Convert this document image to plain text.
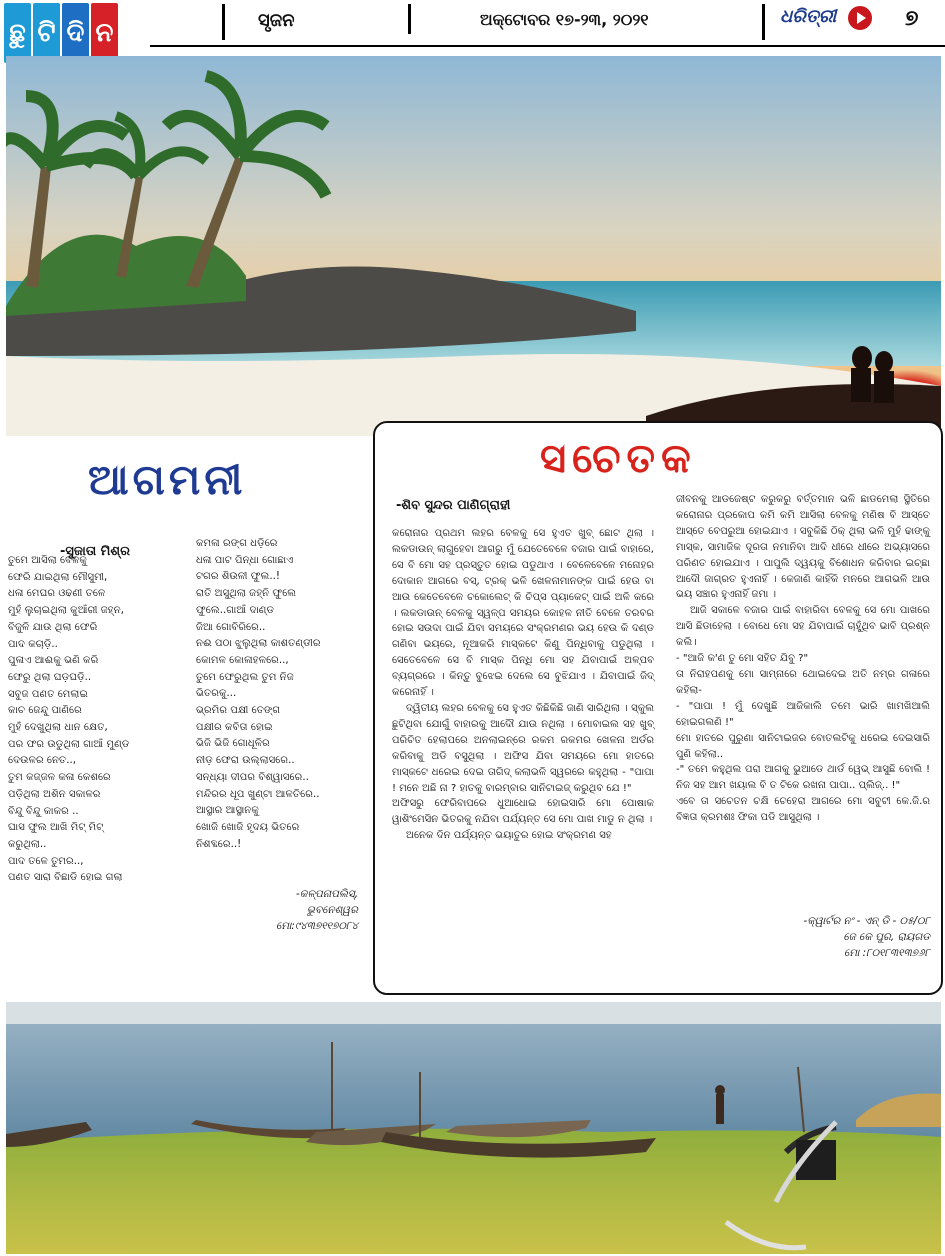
ଛୁ ଟି ଦି ନ	ସୃଜନ	ଅକ୍ଟୋବର ୧୭-୨୩, ୨୦୨୧	ଧରିତ୍ରୀ	୭
ଆଗମନୀ
-ସୁଜାତା ମିଶ୍ର
ତୁମେ ଆସିଲା ବେଳକୁ
ଫେରି ଯାଇଥିଲା ମୌସୁମୀ,
ଧଳା ମେଘର ଓଢଣୀ ତଳେ
ମୁହଁ ଲୁଚାଇଥିଲା କୁଆଁରୀ ଜହ୍ନ,
ବିଜୁଳି ଯାଉ ଥିଲା ଫେରି
ପାଦ କଚାଡ଼ି..
ପୁଳାଏ ଆଈକୁ ଭଣି କରି
ଫେରୁ ଥିଲା ଘଡ଼ଘଡ଼ି..
ସବୁଜ ପଣତ ମେଲାଇ
କାଚ ଜେନ୍ଦୁ ପାଣିରେ
ମୁହଁ ଦେଖୁଥିଲା ଧାନ କ୍ଷେତ,
ପର ଫର ଉଡୁଥିଲା ଗାଆଁ ମୁଣ୍ଡ
ଦେଉଳର ନେତ..,
ତୁମ କଜ୍ଜଳ କଳା କେଶରେ
ପଡ଼ିଥିଲା ଅଶିନ ସକାଳର
ବିନ୍ଦୁ ବିନ୍ଦୁ କାକର ..
ଘାସ ଫୁଲ ଆଖି ମିଟ୍ ମିଟ୍
କରୁଥିଲା..
ପାଦ ତଳେ ତୁମର..,
ପଣତ ସାରା ବିଛାଡି ହୋଇ ଗଲା
କମଳା ରଙ୍ଗ ଧଡ଼ିରେ
ଧଳା ପାଟ ପିନ୍ଧା ଗୋଛାଏ
ଟଗର ଶିଉଳୀ ଫୁଲ..!
ରାତି ଅସୁଥିଲା ଜହ୍ନି ଫୁଲେ
ଫୁଲେ..ଗାଆଁ ଦାଣ୍ଡ
ଜିଆ ଗୋବିରିରେ..
ନଈ ପଠା ଝୁଲୁଥିଲା କାଶତଣ୍ଡୀର
କୋମଳ କୋଳାହଳରେ..,
ତୁମେ ଫେରୁଥିଲ ତୁମ ନିଜ
ଭିତରକୁ...
ଭ୍ରମିର ପକ୍ଷୀ ତେଙ୍ଗ
ପକ୍ଷୀର କବିତା ହୋଇ
ଭିଜି ଭିଜି ଗୋଧୂଳିର
ନୀଡ଼ ଫେରା ଉଲ୍ଲାସରେ..
ସନ୍ଧ୍ୟା ଦୀପର ବିଶ୍ୱାସରେ..
ମନ୍ଦିରର ଧୂପ ଖୁଣ୍ଟା ଆଳତିରେ..
ଆସ୍ଥାର ଆସ୍ଥାନକୁ
ଖୋଜି ଖୋଜି ହୃଦୟ ଭିତରେ
ନିଶବ୍ଦରେ..!
-କଳ୍ପନାପଲିସ୍,
ଭୁବନେଶ୍ୱର
ମୋ:୯୪୩୭୧୧୭୦୮୪
ସଚେତକ
-ଶିବ ସୁନ୍ଦର ପାଣିଗ୍ରାହୀ
କରୋନାର ପ୍ରଥମ ଲହର ବେଳକୁ ସେ ହୁଏତ ଖୁବ୍ ଛୋଟ ଥିଲା । ଲକଡାଉନ୍ ଲାଗୁହେବା ଆଗରୁ ମୁଁ ଯେତେବେଳେ ବଜାର ପାଇଁ ବାହାରେ, ସେ ବି ମୋ ସହ ପ୍ରସ୍ତୁତ ହୋଇ ପଡୁଥାଏ । ବେଳେବେଳେ ମନୋହର ଦୋକାନ ଆଗରେ ବସ୍, ଟ୍ରକ୍ ଭଳି ଖେଳନାମାନଙ୍କ ପାଇଁ ହେଉ ବା ଆଉ କେତେବେଳେ ଚକୋଲେଟ୍ କି ଚିପ୍ସ ପ୍ୟାକେଟ୍ ପାଇଁ ଅଳି କରେ । ଲକଡାଉନ୍ ବେଳକୁ ସ୍ୱଳ୍ପ ସମୟର କୋହଳ ନୀତି ବେଳେ ତରବର ହୋଇ ସଉଦା ପାଇଁ ଯିବା ସମୟରେ ସଂକ୍ରମଣର ଭୟ ହେଉ କି ଦଣ୍ଡ ଗଣିବା ଭୟରେ, ନୂଆକରି ମାସ୍କଟେ କିଣୁ ପିନ୍ଧିବାକୁ ପଡୁଥିଲା । ସେତେବେଳେ ସେ ବି ମାସ୍କ ପିନ୍ଧି ମୋ ସହ ଯିବାପାଇଁ ଅଳ୍ପବ ବ୍ୟଗ୍ରରେ । କିନ୍ତୁ ବୁଝେଇ ଦେଲେ ସେ ବୁଝିଯାଏ । ଯିବାପାଇଁ ଜିଦ୍ କରେନାହିଁ ।
ଦ୍ୱିତୀୟ ଲହର ବେଳକୁ ସେ ହୁଏତ କିଛିକିଛି ଜାଣି ସାରିଥିଲା । ସ୍କୁଲ ଛୁଟିଥିବା ଯୋଗୁଁ ବାହାରକୁ ଆଦୌ ଯାଉ ନଥିଲା । ମୋବାଇଲ ସହ ଖୁବ୍ ପରିଚିତ ହେଲାପରେ ଅନଲାଇନ୍‌ରେ ରକମ ରକମର ଖେଳନା ଅର୍ଡର କରିବାକୁ ଅଡି ବସୁଥିଲା । ଅଫିସ ଯିବା ସମୟରେ ମୋ ହାତରେ ମାସ୍କଟେ ଧରେଇ ଦେଇ ତାଗିଦ୍ କଲାଭଳି ସ୍ୱରରେ କହୁଥିଲା - "ପାପା ! ମନେ ଅଛି ନା ? ହାତକୁ ବାରମ୍ବାର ସାନିଟାଇଜ୍ କରୁଥିବ ଯେ !"
ଅଫିସରୁ ଫେରିବାପରେ ଧୁଆଧୋଇ ହୋଇସାରି ମୋ ପୋଷାକ ୱାଶିଂମେସିନ ଭିତରକୁ ନଯିବା ପର୍ଯ୍ୟନ୍ତ ସେ ମୋ ପାଖ ମାଡୁ ନ ଥିଲା ।
ଅନେକ ଦିନ ପର୍ଯ୍ୟନ୍ତ ଭୟାତୁର ହୋଇ ସଂକ୍ରମଣ ସହ
ଜୀବନକୁ ଆଡଜେଷ୍ଟ କରୁକରୁ ବର୍ତ୍ତମାନ ଭଳି ଛାଡମେଲା ସ୍ଥିତିରେ କରୋନାର ପ୍ରକୋପ କମି କମି ଆସିଲା ବେଳକୁ ମଣିଷ ବି ଆସ୍ତେ ଆସ୍ତେ ବେପରୁଆ ହୋଇଯାଏ । ସବୁକିଛି ଠିକ୍ ଥିଲା ଭଳି ମୁହଁ ଢାଙ୍କୁ ମାସ୍କ, ସାମାଜିକ ଦୂରତା ନମାନିବା ଆଦି ଧୀରେ ଧୀରେ ଅଭ୍ୟାସରେ ପରିଣତ ହୋଇଯାଏ । ପାପୁଲି ଦ୍ୱୟକୁ ବିଶୋଧନ କରିବାର ଇଚ୍ଛା ଆଦୌ ଜାଗ୍ରତ ହୁଏନାହିଁ । କେଜାଣି କାହିଁକି ମନରେ ଆଗଭଳି ଆଉ ଭୟ ସଞ୍ଚାର ହୁଏନାହିଁ ଜମା ।
ଆଜି ସକାଳେ ବଜାର ପାଇଁ ବାହାରିବା ବେଳକୁ ସେ ମୋ ପାଖରେ ଆସି ଛିଡାହେଲା । ବୋଧେ ମୋ ସହ ଯିବାପାଇଁ ଚାହୁଁଥିବ ଭାବି ପ୍ରଶ୍ନ କଲି।
- "ଆଜି କ'ଣ ତୁ ମୋ ସହିତ ଯିବୁ ?"
ତା ନିରାହପଣକୁ ମୋ ସାମ୍ନାରେ ଥୋଇଦେଇ ଅତି ନମ୍ର ଗଳାରେ କହିଲା-
- "ପାପା ! ମୁଁ ଦେଖୁଛି ଆଜିକାଲି ତମେ ଭାରି ଖାମଖିଆଲି ହୋଇଗଲଣି !"
ମୋ ହାତରେ ପୁରୁଣା ସାନିଟାଇଜର ବୋତଲଟିକୁ ଧରେଇ ଦେଇସାରି ପୁଣି କହିଲା..
-" ତମେ କହୁଥିଲ ପରା ଆଗକୁ ଭୁଆଡେ ଥାର୍ଡ ୱେଭ୍ ଆସୁଛି ବୋଲି ! ନିଜ ସହ ଆମ ଖୟାଲ ବି ତ ଟିକେ ରଖନା ପାପା.. ପ୍ଲିଜ୍.. !"
ଏବେ ତା ସଚେତନ ଚକ୍ଷି ଚେହେରା ଆଗରେ ମୋ ସବୁଟୀ କେ.ଜି.ର ବିଜ୍ଞତା କ୍ରମଶଃ ଫିକା ପଡି ଆସୁଥିଲା ।
-କ୍ୱାର୍ଟର ନଂ - ଏନ୍ ଡି - ୦୫/୦୮
ଜେ କେ ପୁର, ରାୟଗଡ
ମୋ :୮୦୧୮୩୧୩୭୬୮
